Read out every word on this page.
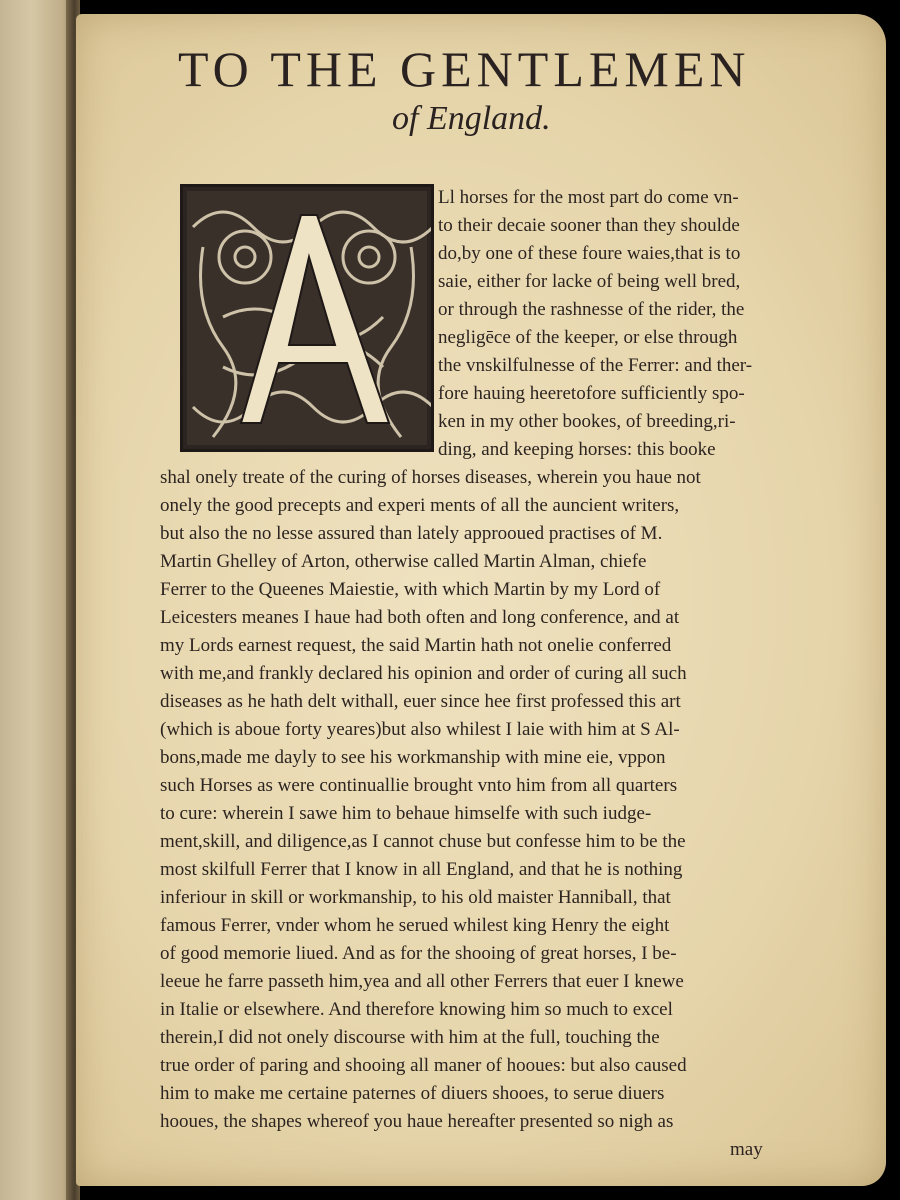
TO THE GENTLEMEN
of England.
A
Ll horses for the most part do come vn-
to their decaie sooner than they shoulde
do,by one of these foure waies,that is to
saie, either for lacke of being well bred,
or through the rashnesse of the rider, the
negligēce of the keeper, or else through
the vnskilfulnesse of the Ferrer: and ther-
fore hauing heeretofore sufficiently spo-
ken in my other bookes, of breeding,ri-
ding, and keeping horses: this booke
shal onely treate of the curing of horses diseases, wherein you haue not
onely the good precepts and experi ments of all the auncient writers,
but also the no lesse assured than lately approoued practises of M.
Martin Ghelley of Arton, otherwise called Martin Alman, chiefe
Ferrer to the Queenes Maiestie, with which Martin by my Lord of
Leicesters meanes I haue had both often and long conference, and at
my Lords earnest request, the said Martin hath not onelie conferred
with me,and frankly declared his opinion and order of curing all such
diseases as he hath delt withall, euer since hee first professed this art
(which is aboue forty yeares)but also whilest I laie with him at S Al-
bons,made me dayly to see his workmanship with mine eie, vppon
such Horses as were continuallie brought vnto him from all quarters
to cure: wherein I sawe him to behaue himselfe with such iudge-
ment,skill, and diligence,as I cannot chuse but confesse him to be the
most skilfull Ferrer that I know in all England, and that he is nothing
inferiour in skill or workmanship, to his old maister Hanniball, that
famous Ferrer, vnder whom he serued whilest king Henry the eight
of good memorie liued. And as for the shooing of great horses, I be-
leeue he farre passeth him,yea and all other Ferrers that euer I knewe
in Italie or elsewhere. And therefore knowing him so much to excel
therein,I did not onely discourse with him at the full, touching the
true order of paring and shooing all maner of hooues: but also caused
him to make me certaine paternes of diuers shooes, to serue diuers
hooues, the shapes whereof you haue hereafter presented so nigh as
may
